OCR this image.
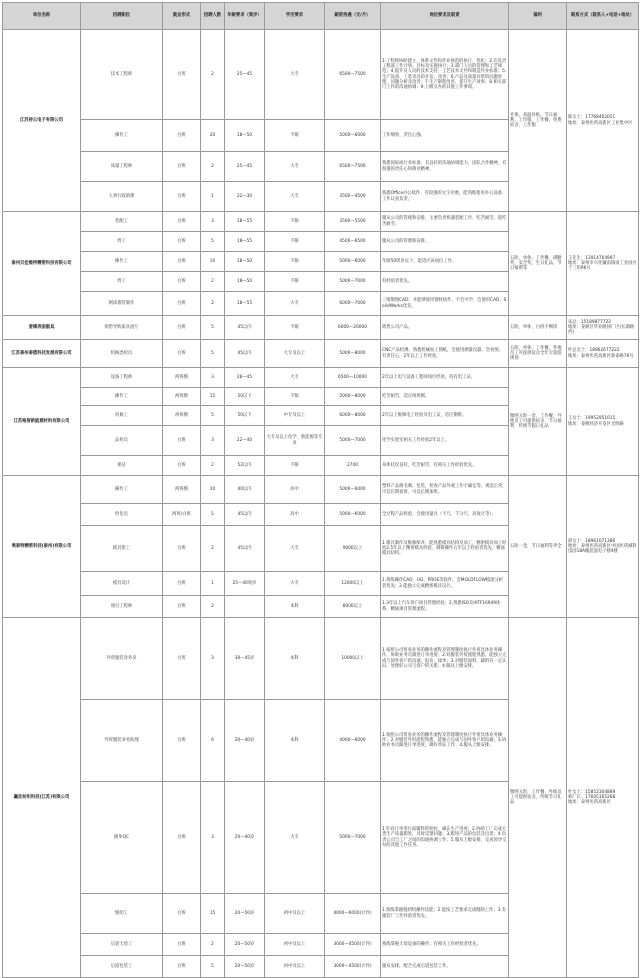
单位名称	招聘职位	就业形式	招聘人数	年龄要求（周岁）	学历要求	薪资待遇（元/月）	岗位要求及职责	福利	联系方式（联系人+电话+地址）
江苏持云电子有限公司	技术工程师	白班	2	25—45	大专	6500—7500	1.工程师协助建立、体系文件和作业规范的执行、优化；2.在负责工程部工作计划、目标及实施执行；3.部门人员的管理和工艺规范；4.提升及人员的技术支持，工艺技术文件和制造作业标准；5.生产设备、工装夹具的开发、改善；6.产品及质量异常的问题处理，问题分析及改善；7.生产制程改善，提升生产效率；8.相关部门工作的沟通协调；9.上级交办的其他工作事项。	社保，高温补贴，节日福利，工作服，工作餐，免费宿舍，工作服	陈女士：17768402051
地址：泰州医药高新区工业集中区
	操作工	白班	20	18—50	不限	5000—6000	工作细致、责任心强。		
	质量工程师	白班	2	25—45	大专	6500—7500	熟悉国际或行业标准，有良好的沟通协调能力，团队合作精神，有很强的责任心和敬业精神。		
	人事行政助理	白班	1	22—30	大专	3500—4500	熟悉Office办公软件，有较强的文字功底，能熟练使用办公设备，工作认真负责。		
泰州贝佳维特精密科技有限公司	装配工	白班	3	18—55	不限	3500—5500	服从公司的管理和安排，主要负责机器装配工作，吃苦耐劳，能吃苦耐劳。	五险，单休，工作餐，满勤奖，安全奖，生日礼品，节日福利等	王先生：13914764997
地址：泰州市兴化戴南镇南工业园区十三组96号
	焊工	白班	5	18—55	不限	4500—6500	服从公司的管理和安排。		
	操作工	白班	10	18—50	不限	5000—6000	年龄50周岁以下，能适应该岗位工作。		
	焊工	白班	2	18—50	不限	5000—7000	有经验者优先。		
	钢质墙管制作	白班	2	18—55	大专	6000—7000	三维制图CAD，并能够使用钢材软件，不会可学，会使用CAD、SolidWorks优先。		
姜堰表面服具	销售导购家具展厅	白班	5	45以内	不限	6000—20000	销售公司产品。	五险，单休，白班不倒班	朱总：15189877722
地址：姜堰区华业路园厂区(长湖路西)
江苏泰州泰德科技发展有限公司	机械类检员	白班	5	45以内	大专及以上	5000—8000	CNC产品检测，熟悉机械加工图纸，会使用测量仪器，会看图，有责任心，2年以上工作经验。	五险，单休，工作餐，外地员工可提供宿舍全年无旅游规划	叶总女士：18962677222
地址：泰州医药高新区新泰路76号
江苏格智新能源材料有限公司	设备工程师	两班倒	3	28—45	大专	6500—10000	2年以上电气设备工程师岗位经验，持有电工证。	缴纳五险一金，工作餐，外地员工可提供宿舍，节日福利、传统节假日礼品	王女士：19952951015
地址：姜堰经济开发区光明路
	操作工	两班倒	15	50以下	不限	5000—8000	吃苦耐劳，适应两班倒。		
	机修工	两班倒	5	50以下	中专及以上	6000—8000	2年以上维修电工经验及电工证，适应倒班。		
	品检员	白班	3	22—40	大专及以上化学、新能源等专业	5000—7000	化学实验室相关工作经验2年以上。		
	保洁	白班	2	52以内	不限	2700	身体状况良好，吃苦耐劳，有相关工作经验优先。		
奥泰特精密科技(泰州)有限公司	操作工	两班倒	10	40以内	高中	5000—6000	塑料产品修毛刺，包装，检查产品外观工作不确定等，视觉正常，可以长期夜班，可以长期加班。	五险一金，节日福利等齐全	俞女士：18961071386
地址：泰州医药高新区中国医药城科技园18A幢超盈电子楼4楼
	检包员	两班/白班	5	45以内	高中	5000—6000	全过程产品检验，会使用量具（卡尺，千分尺，高度计等）。		
	模具钳工	白班	2	45以内	大专	9000以上	1.模具制作及维修保养，能熟悉模具结构及加工，精密模具加工经验2.5年以上精密模具经验，制模操作五年以上经验者优先，精通模具结构。		
	模具设计	白班	1	25—40周岁	大专	12000以上	1.熟练操作CAD、UG、PROE等软件，会MOLDFLOW模流分析者优先；2.能独立完成精密模具设计。		
	项目工程师	白班	2		本科	8000以上	1.3年以上汽车客户项目管理经验；2.熟悉ISO及IATF16949体系，精通项目管理流程。		
赢佐纺织科技(江苏)有限公司	外贸服装业务员	白班	3	30—45岁	本科	10000以上	1.按照公司贸易业务的操作流程及管理制度执行外贸具体业务操作，协助业务员跟进订单进度；2.对服装外贸流程熟悉，能独立完成与国外客户的沟通，报价，接单；3.对服装面料，辅料有一定认识，处理好公司与客户的关系；4.服从上级安排。	缴纳五险，工作餐，外地员工可提供宿舍，传统节日礼品	叶女士：15852304889
韩厂长：17605165268
地址：泰州医药高新区
	外贸服装业务助理	白班	6	20—40岁	本科	4000—6000	1.按照公司贸易业务的操作流程及管理制度执行外贸具体业务操作；2.对服装外贸流程熟悉，能独立完成与国外客户的沟通；3.协助业务员跟进订单进度，做好单证工作；4.服从上级安排。		
	跟单QC	白班	3	20—40岁	大专	5000—7000	1.针对订单进行面辅料的检验，确认生产进度；2.协助工厂完成大货生产质量跟进，及时反馈问题；3.跟进产品的包装及出货；4.负责公司与工厂之间的沟通协调工作；5.服从上级安排，完成领导交办的其他工作任务。		
	缝纫工	白班	15	20—50岁	初中及以上	4000—6000(计件)	1.熟练掌握缝纫机操作技能；2.能按工艺要求完成缝制工作；3.有服装厂工作经验者优先。		
	后道大烫工	白班	2	20—50岁	初中及以上	3000—4500(计件)	熟练掌握大烫设备的操作；有相关工作经验者优先。		
	后道包装工	白班	5	20—50岁	初中及以上	3000—4500(计件)	服从安排，配合完成后道包装工作。		
